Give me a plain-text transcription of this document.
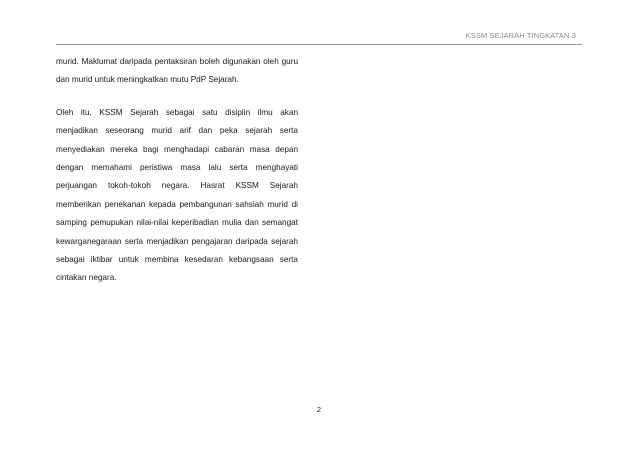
KSSM SEJARAH TINGKATAN 3

murid. Maklumat daripada pentaksiran boleh digunakan oleh guru dan murid untuk meningkatkan mutu PdP Sejarah.

Oleh itu, KSSM Sejarah sebagai satu disiplin ilmu akan menjadikan seseorang murid arif dan peka sejarah serta menyediakan mereka bagi menghadapi cabaran masa depan dengan memahami peristiwa masa lalu serta menghayati perjuangan tokoh-tokoh negara. Hasrat KSSM Sejarah memberikan penekanan kepada pembangunan sahsiah murid di samping pemupukan nilai-nilai keperibadian mulia dan semangat kewarganegaraan serta menjadikan pengajaran daripada sejarah sebagai iktibar untuk membina kesedaran kebangsaan serta cintakan negara.

2
